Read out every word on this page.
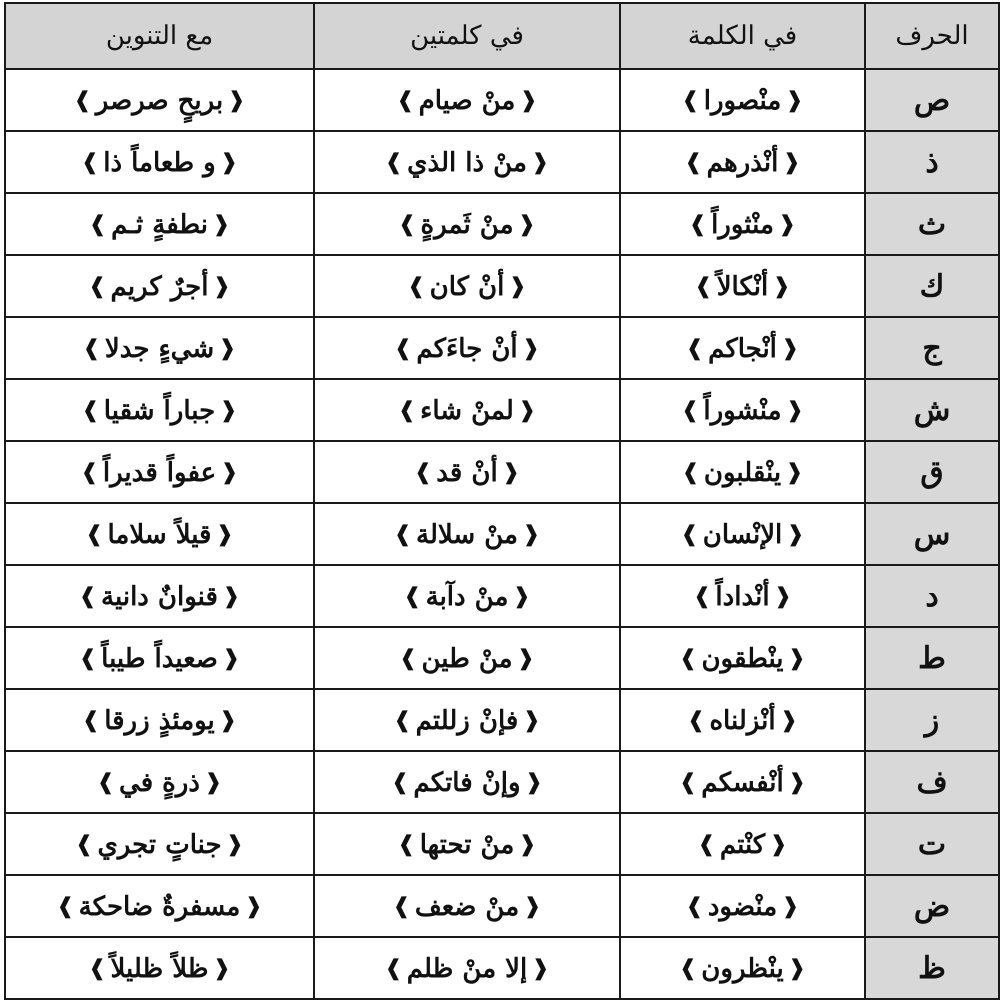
الحرف	في الكلمة	في كلمتين	مع التنوين
ص	❰منْصورا❱	❰منْ صيام❱	❰بريحٍ صرصر❱
ذ	❰أنْذرهم❱	❰منْ ذا الذي❱	❰و طعاماً ذا❱
ث	❰منْثوراً❱	❰منْ ثَمرةٍ❱	❰نطفةٍ ثـم❱
ك	❰أنْكالاً❱	❰أنْ كان❱	❰أجرٌ كريم❱
ج	❰أنْجاكم❱	❰أنْ جاءَكم❱	❰شيءٍ جدلا❱
ش	❰منْشوراً❱	❰لمنْ شاء❱	❰جباراً شقيا❱
ق	❰ينْقلبون❱	❰أنْ قد❱	❰عفواً قديراً❱
س	❰الإنْسان❱	❰منْ سلالة❱	❰قيلاً سلاما❱
د	❰أنْداداً❱	❰منْ دآبة❱	❰قنوانٌ دانية❱
ط	❰ينْطقون❱	❰منْ طين❱	❰صعيداً طيباً❱
ز	❰أنْزلناه❱	❰فإنْ زللتم❱	❰يومئذٍ زرقا❱
ف	❰أنْفسكم❱	❰وإنْ فاتكم❱	❰ذرةٍ في❱
ت	❰كنْتم❱	❰منْ تحتها❱	❰جناتٍ تجري❱
ض	❰منْضود❱	❰منْ ضعف❱	❰مسفرةٌ ضاحكة❱
ظ	❰ينْظرون❱	❰إلا منْ ظلم❱	❰ظلاً ظليلاً❱
